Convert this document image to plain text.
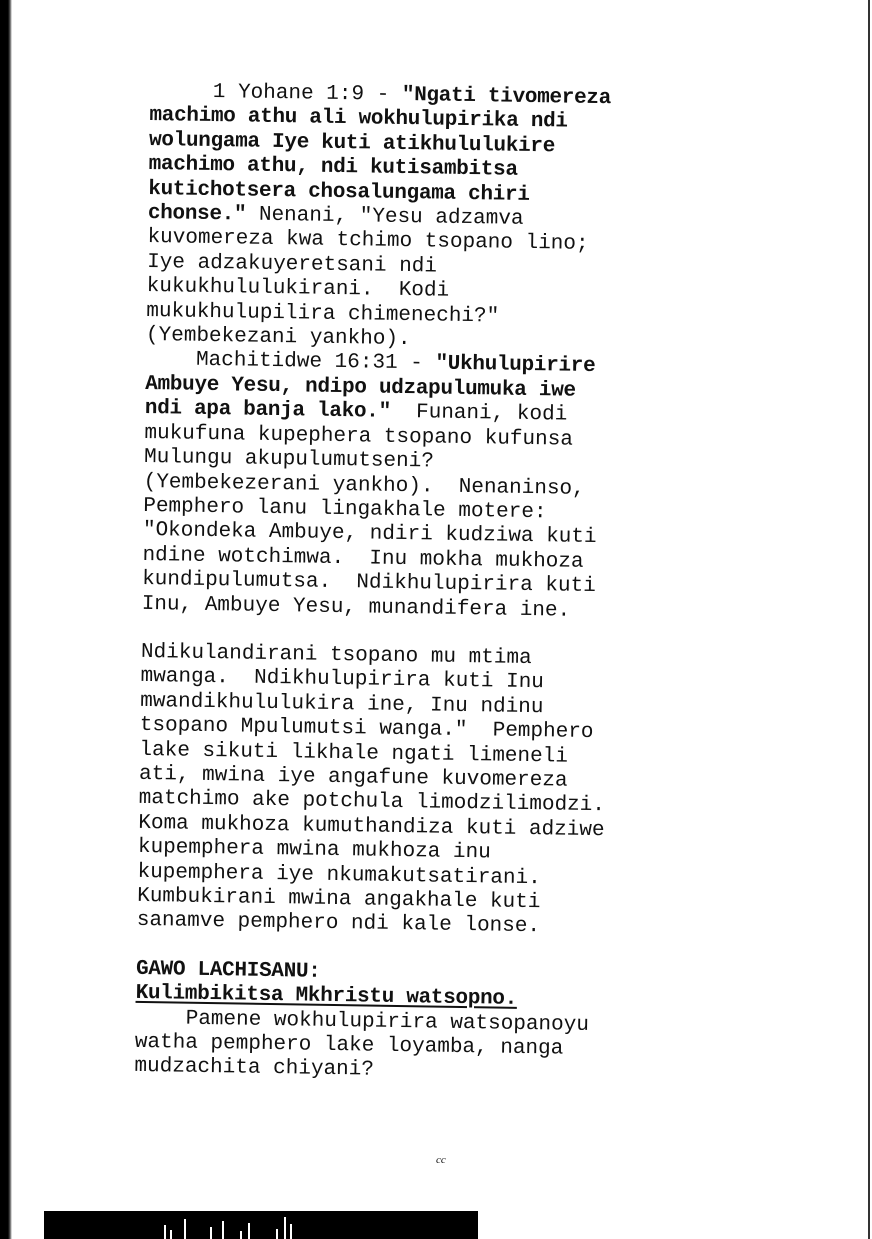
1 Yohane 1:9 - "Ngati tivomereza
machimo athu ali wokhulupirika ndi
wolungama Iye kuti atikhululukire
machimo athu, ndi kutisambitsa
kutichotsera chosalungama chiri
chonse." Nenani, "Yesu adzamva
kuvomereza kwa tchimo tsopano lino;
Iye adzakuyeretsani ndi
kukukhululukirani.  Kodi
mukukhulupilira chimenechi?"
(Yembekezani yankho).
Machitidwe 16:31 - "Ukhulupirire
Ambuye Yesu, ndipo udzapulumuka iwe
ndi apa banja lako."  Funani, kodi
mukufuna kupephera tsopano kufunsa
Mulungu akupulumutseni?
(Yembekezerani yankho).  Nenaninso,
Pemphero lanu lingakhale motere:
"Okondeka Ambuye, ndiri kudziwa kuti
ndine wotchimwa.  Inu mokha mukhoza
kundipulumutsa.  Ndikhulupirira kuti
Inu, Ambuye Yesu, munandifera ine.
Ndikulandirani tsopano mu mtima
mwanga.  Ndikhulupirira kuti Inu
mwandikhululukira ine, Inu ndinu
tsopano Mpulumutsi wanga."  Pemphero
lake sikuti likhale ngati limeneli
ati, mwina iye angafune kuvomereza
matchimo ake potchula limodzilimodzi.
Koma mukhoza kumuthandiza kuti adziwe
kupemphera mwina mukhoza inu
kupemphera iye nkumakutsatirani.
Kumbukirani mwina angakhale kuti
sanamve pemphero ndi kale lonse.
GAWO LACHISANU:
Kulimbikitsa Mkhristu watsopno.
Pamene wokhulupirira watsopanoyu
watha pemphero lake loyamba, nanga
mudzachita chiyani?
cc
